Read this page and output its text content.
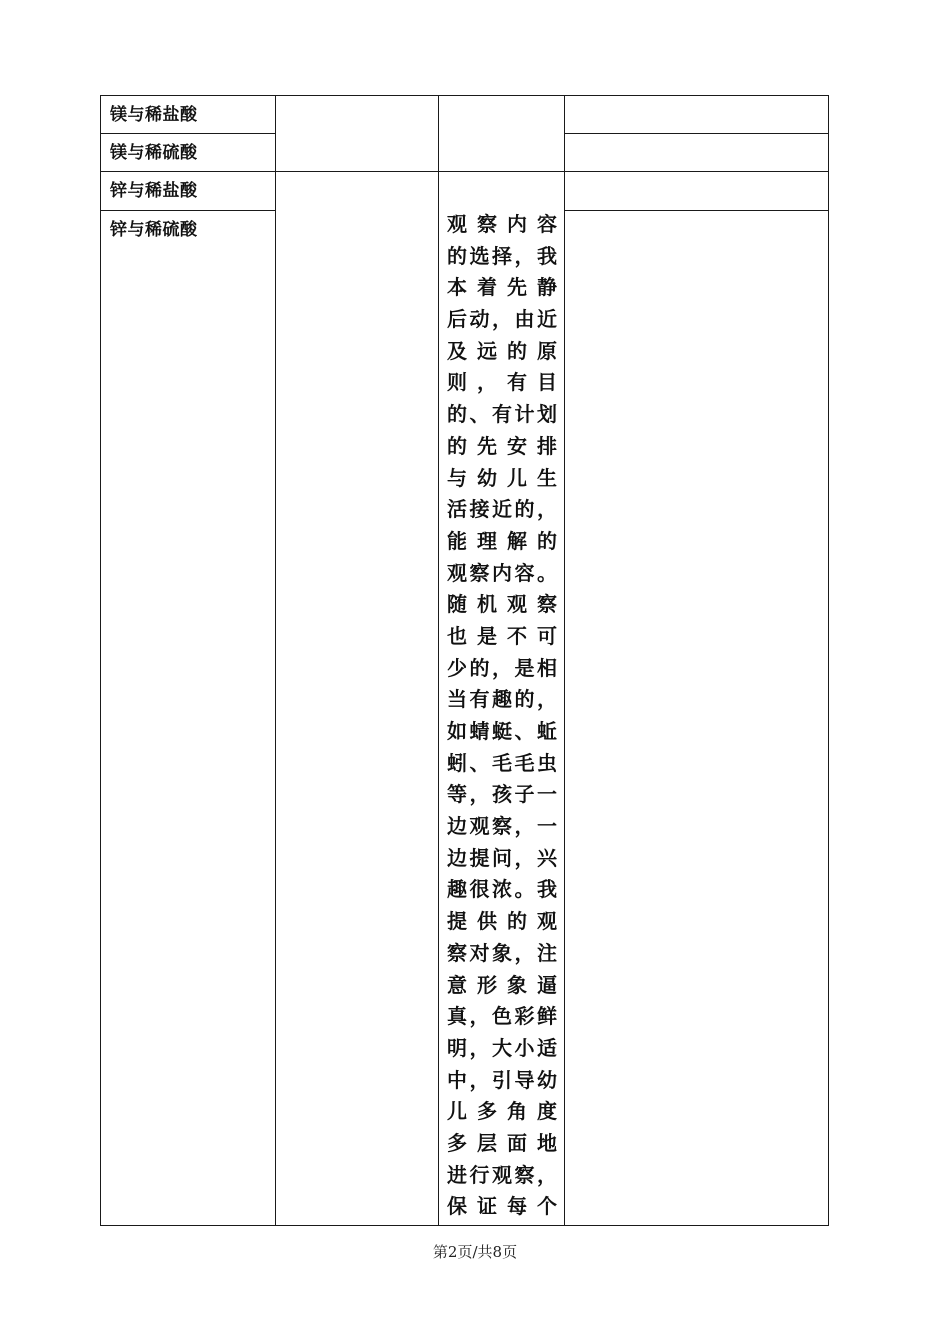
镁与稀盐酸
镁与稀硫酸
锌与稀盐酸
锌与稀硫酸	观察内容
的选择，我
本着先静
后动，由近
及远的原
则，有目
的、有计划
的先安排
与幼儿生
活接近的，
能理解的
观察内容。
随机观察
也是不可
少的，是相
当有趣的，
如蜻蜓、蚯
蚓、毛毛虫
等，孩子一
边观察，一
边提问，兴
趣很浓。我
提供的观
察对象，注
意形象逼
真，色彩鲜
明，大小适
中，引导幼
儿多角度
多层面地
进行观察，
保证每个
第2页/共8页
